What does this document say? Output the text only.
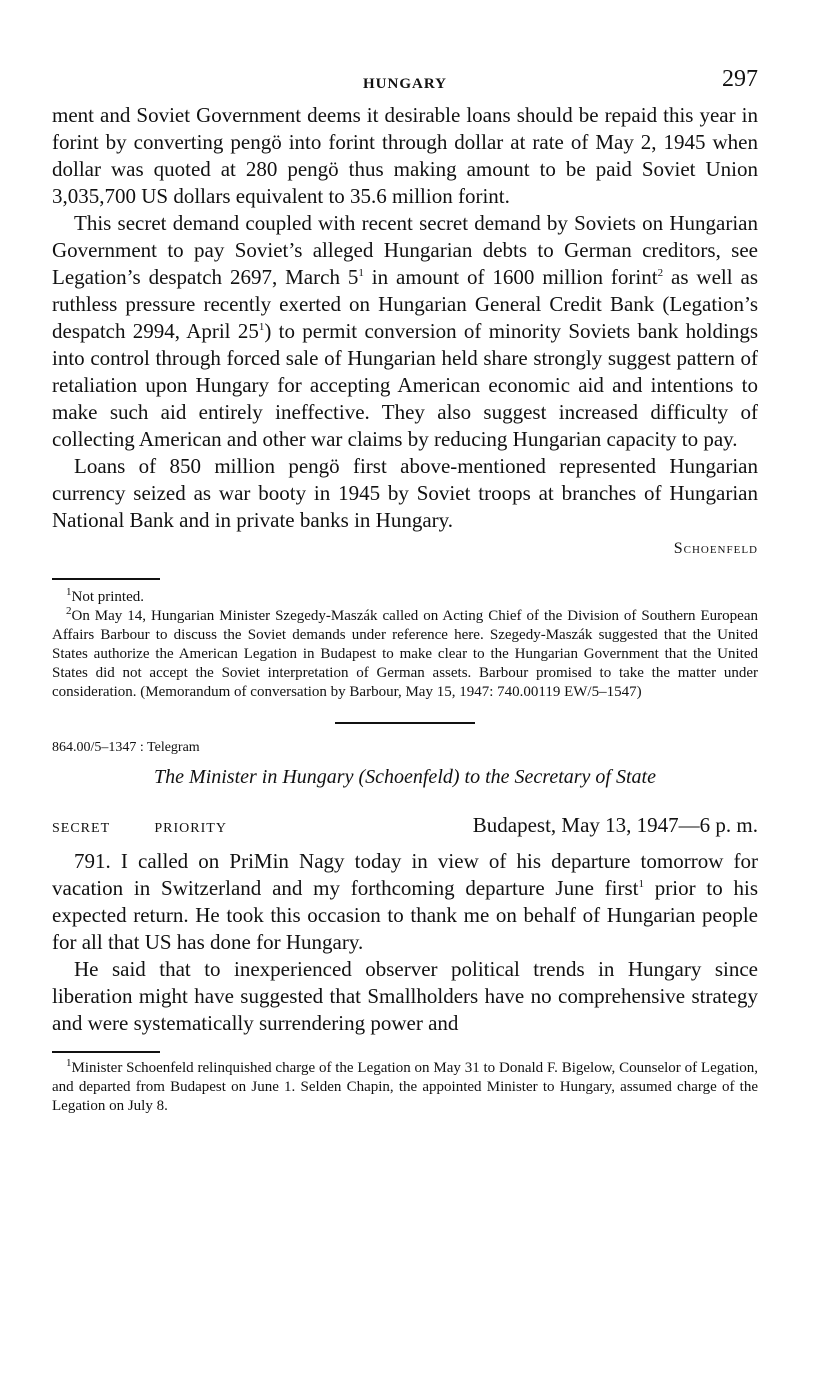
HUNGARY	297

ment and Soviet Government deems it desirable loans should be repaid this year in forint by converting pengö into forint through dollar at rate of May 2, 1945 when dollar was quoted at 280 pengö thus making amount to be paid Soviet Union 3,035,700 US dollars equivalent to 35.6 million forint.

This secret demand coupled with recent secret demand by Soviets on Hungarian Government to pay Soviet’s alleged Hungarian debts to German creditors, see Legation’s despatch 2697, March $5^1$ in amount of 1600 million forint$^2$ as well as ruthless pressure recently exerted on Hungarian General Credit Bank (Legation’s despatch 2994, April $25^1$) to permit conversion of minority Soviets bank holdings into control through forced sale of Hungarian held share strongly suggest pattern of retaliation upon Hungary for accepting American economic aid and intentions to make such aid entirely ineffective. They also suggest increased difficulty of collecting American and other war claims by reducing Hungarian capacity to pay.

Loans of 850 million pengö first above-mentioned represented Hungarian currency seized as war booty in 1945 by Soviet troops at branches of Hungarian National Bank and in private banks in Hungary.

Schoenfeld

$^1$Not printed.

$^2$On May 14, Hungarian Minister Szegedy-Maszák called on Acting Chief of the Division of Southern European Affairs Barbour to discuss the Soviet demands under reference here. Szegedy-Maszák suggested that the United States authorize the American Legation in Budapest to make clear to the Hungarian Government that the United States did not accept the Soviet interpretation of German assets. Barbour promised to take the matter under consideration. (Memorandum of conversation by Barbour, May 15, 1947: 740.00119 EW/5–1547)

864.00/5–1347 : Telegram

The Minister in Hungary (Schoenfeld) to the Secretary of State

SECRET	PRIORITY	Budapest, May 13, 1947—6 p. m.

791. I called on PriMin Nagy today in view of his departure tomorrow for vacation in Switzerland and my forthcoming departure June first$^1$ prior to his expected return. He took this occasion to thank me on behalf of Hungarian people for all that US has done for Hungary.

He said that to inexperienced observer political trends in Hungary since liberation might have suggested that Smallholders have no comprehensive strategy and were systematically surrendering power and

$^1$Minister Schoenfeld relinquished charge of the Legation on May 31 to Donald F. Bigelow, Counselor of Legation, and departed from Budapest on June 1. Selden Chapin, the appointed Minister to Hungary, assumed charge of the Legation on July 8.
